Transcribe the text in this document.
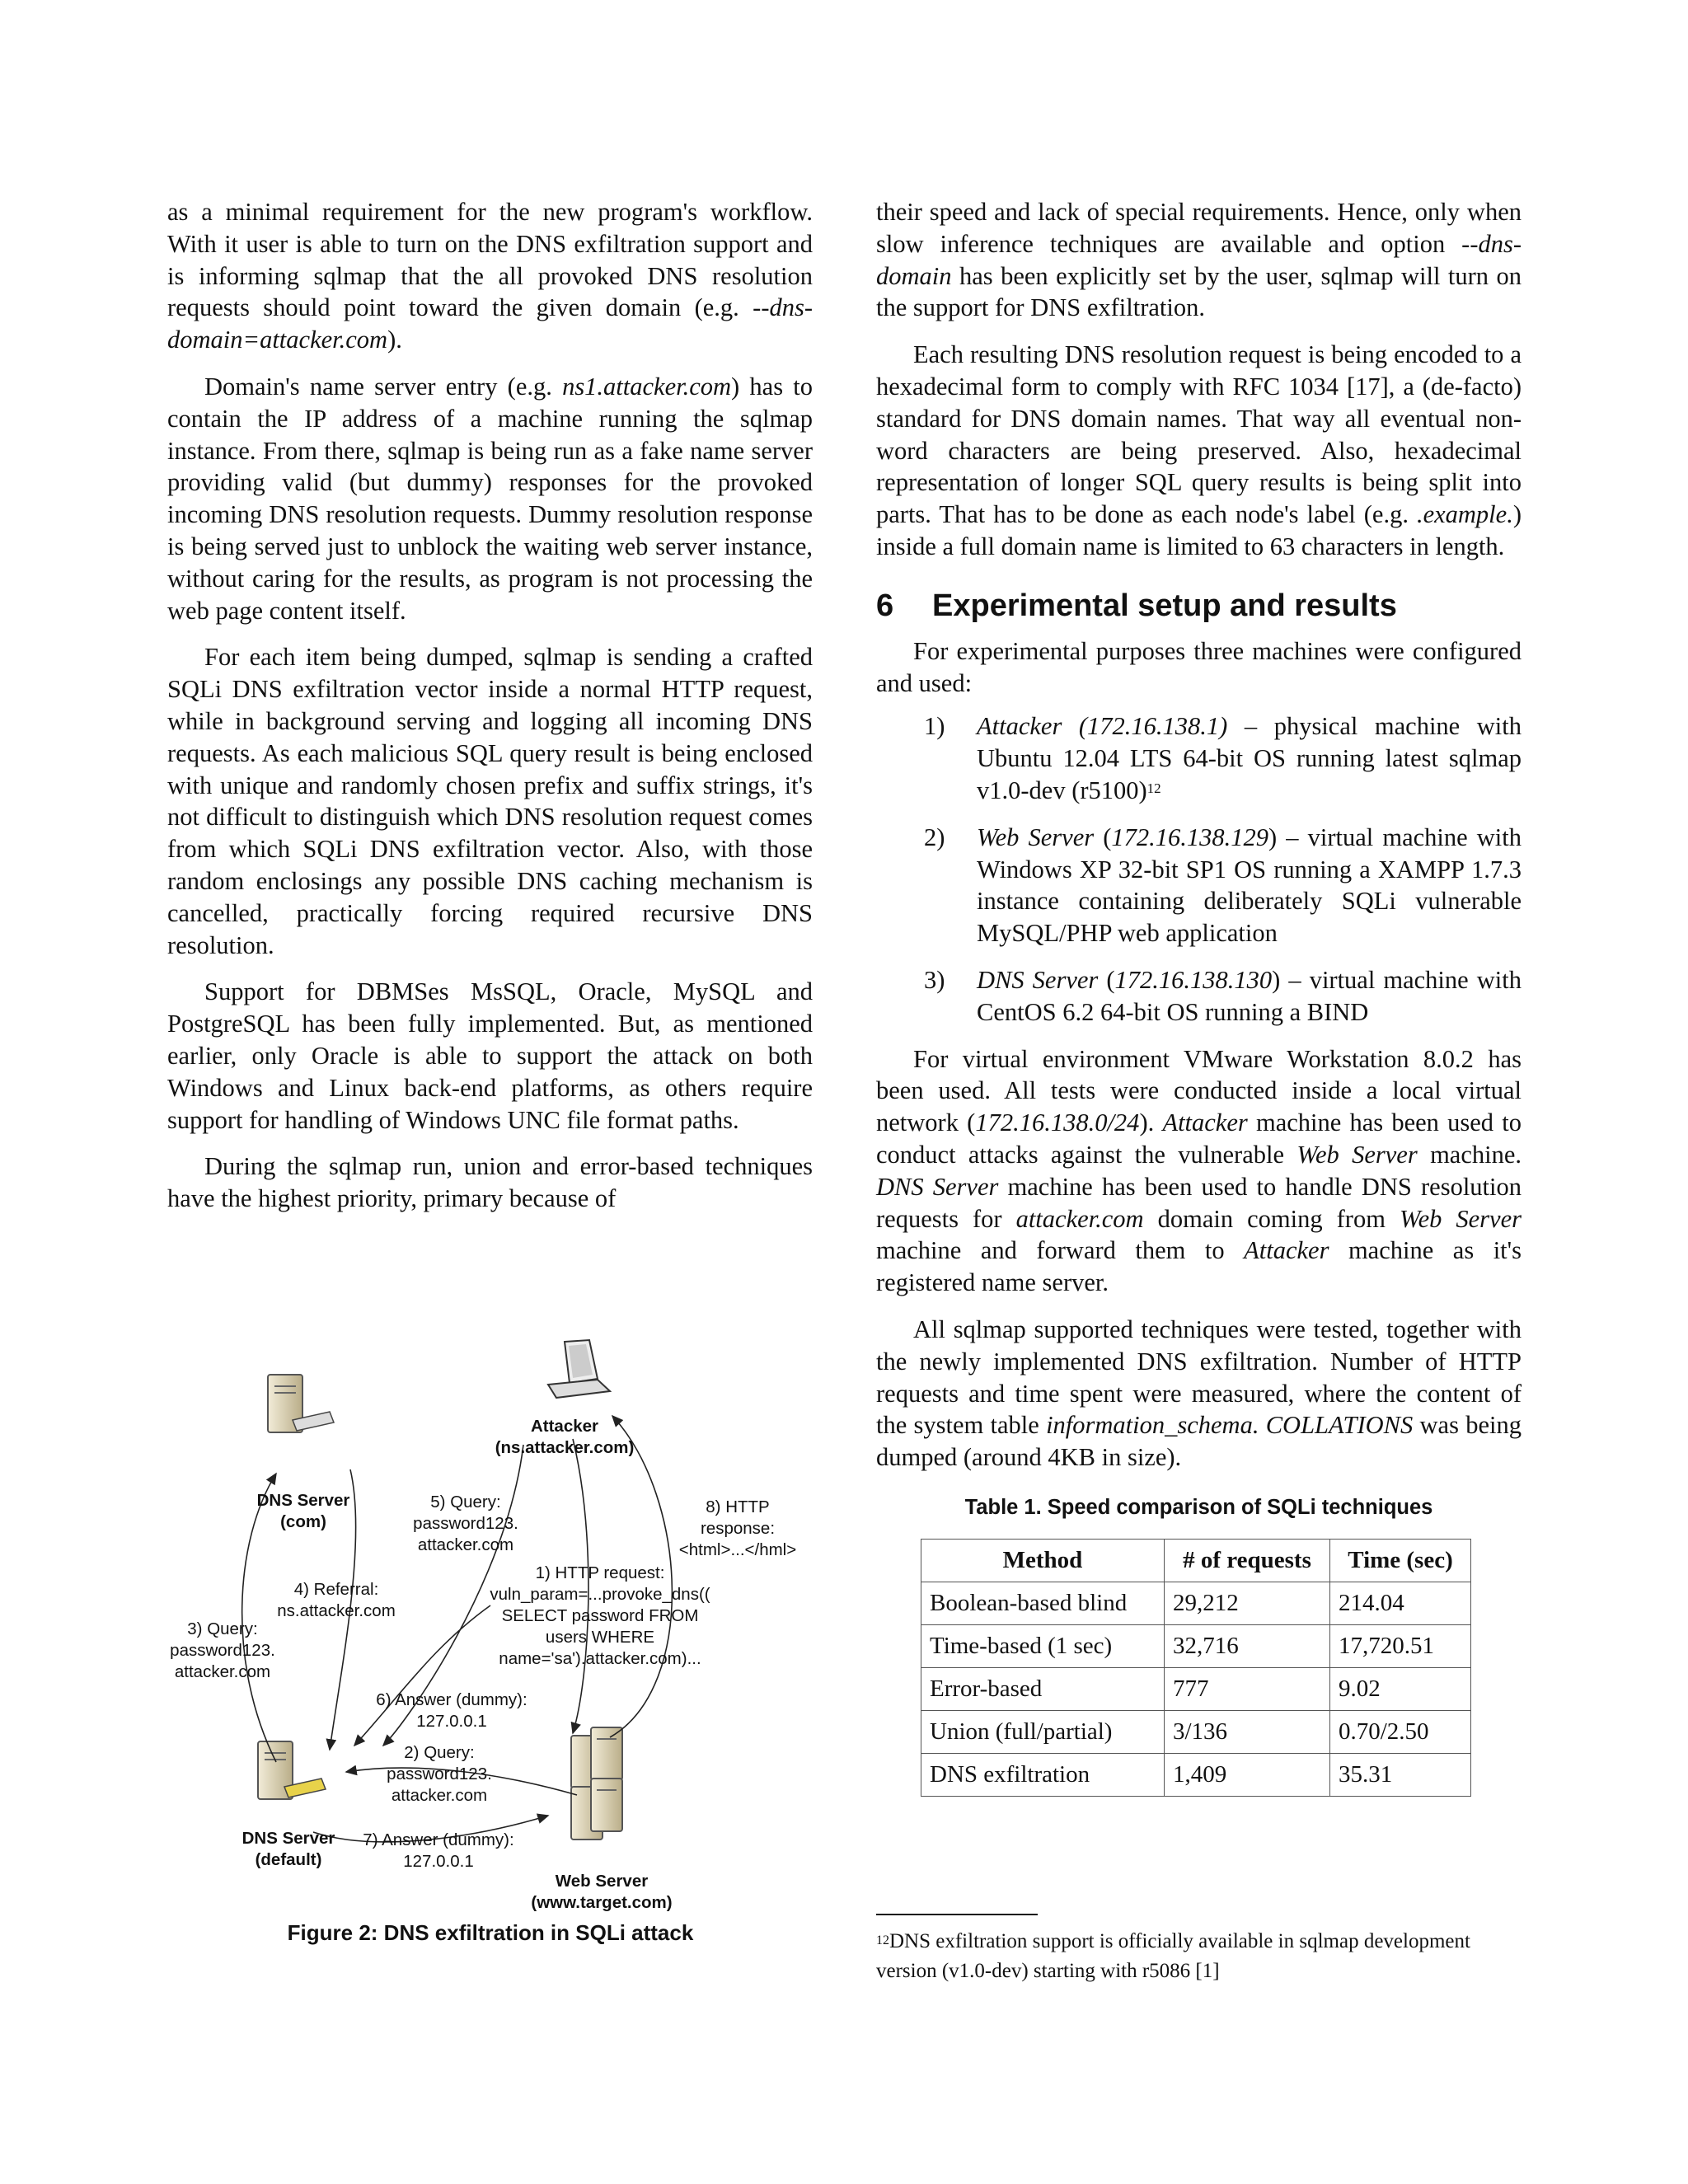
as a minimal requirement for the new program's workflow. With it user is able to turn on the DNS exfiltration support and is informing sqlmap that the all provoked DNS resolution requests should point toward the given domain (e.g. --dns-domain=attacker.com).

Domain's name server entry (e.g. ns1.attacker.com) has to contain the IP address of a machine running the sqlmap instance. From there, sqlmap is being run as a fake name server providing valid (but dummy) responses for the provoked incoming DNS resolution requests. Dummy resolution response is being served just to unblock the waiting web server instance, without caring for the results, as program is not processing the web page content itself.

For each item being dumped, sqlmap is sending a crafted SQLi DNS exfiltration vector inside a normal HTTP request, while in background serving and logging all incoming DNS requests. As each malicious SQL query result is being enclosed with unique and randomly chosen prefix and suffix strings, it's not difficult to distinguish which DNS resolution request comes from which SQLi DNS exfiltration vector. Also, with those random enclosings any possible DNS caching mechanism is cancelled, practically forcing required recursive DNS resolution.

Support for DBMSes MsSQL, Oracle, MySQL and PostgreSQL has been fully implemented. But, as mentioned earlier, only Oracle is able to support the attack on both Windows and Linux back-end platforms, as others require support for handling of Windows UNC file format paths.

During the sqlmap run, union and error-based techniques have the highest priority, primary because of

Attacker
(ns.attacker.com)
DNS Server
(com)
DNS Server
(default)
Web Server
(www.target.com)
1) HTTP request:
vuln_param=...provoke_dns((
SELECT password FROM
users WHERE
name='sa').attacker.com)...
2) Query:
password123.
attacker.com
3) Query:
password123.
attacker.com
4) Referral:
ns.attacker.com
5) Query:
password123.
attacker.com
6) Answer (dummy):
127.0.0.1
7) Answer (dummy):
127.0.0.1
8) HTTP
response:
<html>...</hml>
Figure 2: DNS exfiltration in SQLi attack

their speed and lack of special requirements. Hence, only when slow inference techniques are available and option --dns-domain has been explicitly set by the user, sqlmap will turn on the support for DNS exfiltration.

Each resulting DNS resolution request is being encoded to a hexadecimal form to comply with RFC 1034 [17], a (de-facto) standard for DNS domain names. That way all eventual non-word characters are being preserved. Also, hexadecimal representation of longer SQL query results is being split into parts. That has to be done as each node's label (e.g. .example.) inside a full domain name is limited to 63 characters in length.

6 Experimental setup and results

For experimental purposes three machines were configured and used:

1) Attacker (172.16.138.1) – physical machine with Ubuntu 12.04 LTS 64-bit OS running latest sqlmap v1.0-dev $(r5100)^{12}$
2) Web Server (172.16.138.129) – virtual machine with Windows XP 32-bit SP1 OS running a XAMPP 1.7.3 instance containing deliberately SQLi vulnerable MySQL/PHP web application
3) DNS Server (172.16.138.130) – virtual machine with CentOS 6.2 64-bit OS running a BIND

For virtual environment VMware Workstation 8.0.2 has been used. All tests were conducted inside a local virtual network (172.16.138.0/24). Attacker machine has been used to conduct attacks against the vulnerable Web Server machine. DNS Server machine has been used to handle DNS resolution requests for attacker.com domain coming from Web Server machine and forward them to Attacker machine as it's registered name server.

All sqlmap supported techniques were tested, together with the newly implemented DNS exfiltration. Number of HTTP requests and time spent were measured, where the content of the system table information_schema. COLLATIONS was being dumped (around 4KB in size).

Table 1. Speed comparison of SQLi techniques
Method	# of requests	Time (sec)
Boolean-based blind	29,212	214.04
Time-based (1 sec)	32,716	17,720.51
Error-based	777	9.02
Union (full/partial)	3/136	0.70/2.50
DNS exfiltration	1,409	35.31
$^{12}$DNS exfiltration support is officially available in sqlmap development version (v1.0-dev) starting with r5086 [1]
